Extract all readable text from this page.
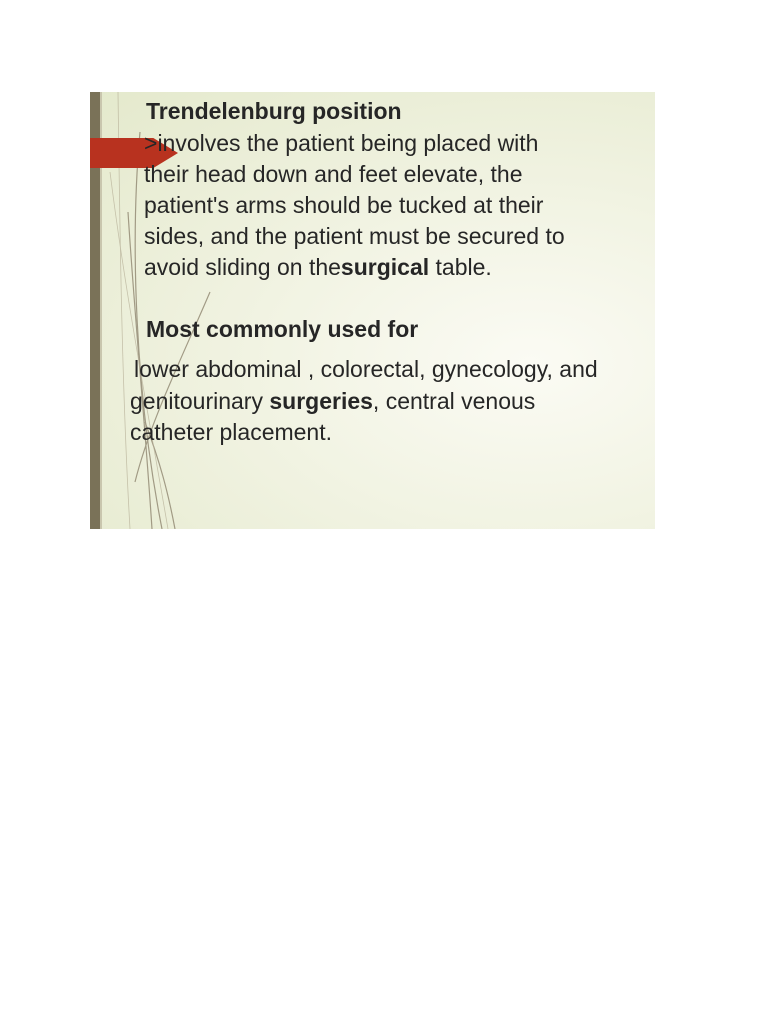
Trendelenburg position
>involves the patient being placed with
their head down and feet elevate, the
patient's arms should be tucked at their
sides, and the patient must be secured to
avoid sliding on thesurgical table.
Most commonly used for
lower abdominal , colorectal, gynecology, and
genitourinary surgeries, central venous
catheter placement.
